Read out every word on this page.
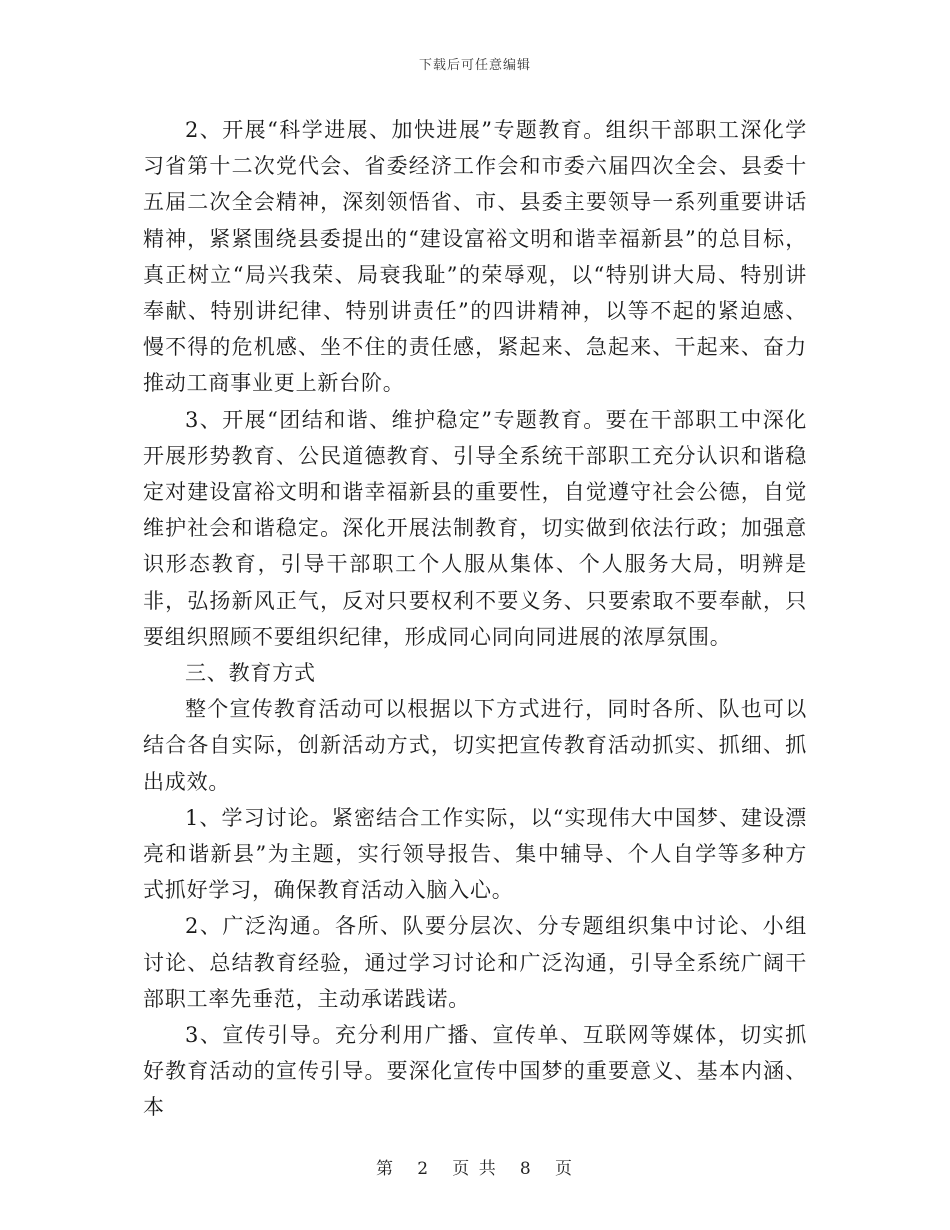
下载后可任意编辑

2、开展“科学进展、加快进展”专题教育。组织干部职工深化学习省第十二次党代会、省委经济工作会和市委六届四次全会、县委十五届二次全会精神，深刻领悟省、市、县委主要领导一系列重要讲话精神，紧紧围绕县委提出的“建设富裕文明和谐幸福新县”的总目标，真正树立“局兴我荣、局衰我耻”的荣辱观，以“特别讲大局、特别讲奉献、特别讲纪律、特别讲责任”的四讲精神，以等不起的紧迫感、慢不得的危机感、坐不住的责任感，紧起来、急起来、干起来、奋力推动工商事业更上新台阶。

3、开展“团结和谐、维护稳定”专题教育。要在干部职工中深化开展形势教育、公民道德教育、引导全系统干部职工充分认识和谐稳定对建设富裕文明和谐幸福新县的重要性，自觉遵守社会公德，自觉维护社会和谐稳定。深化开展法制教育，切实做到依法行政；加强意识形态教育，引导干部职工个人服从集体、个人服务大局，明辨是非，弘扬新风正气，反对只要权利不要义务、只要索取不要奉献，只要组织照顾不要组织纪律，形成同心同向同进展的浓厚氛围。

三、教育方式

整个宣传教育活动可以根据以下方式进行，同时各所、队也可以结合各自实际，创新活动方式，切实把宣传教育活动抓实、抓细、抓出成效。

1、学习讨论。紧密结合工作实际，以“实现伟大中国梦、建设漂亮和谐新县”为主题，实行领导报告、集中辅导、个人自学等多种方式抓好学习，确保教育活动入脑入心。

2、广泛沟通。各所、队要分层次、分专题组织集中讨论、小组讨论、总结教育经验，通过学习讨论和广泛沟通，引导全系统广阔干部职工率先垂范，主动承诺践诺。

3、宣传引导。充分利用广播、宣传单、互联网等媒体，切实抓好教育活动的宣传引导。要深化宣传中国梦的重要意义、基本内涵、本

第 2 页 共 8 页
